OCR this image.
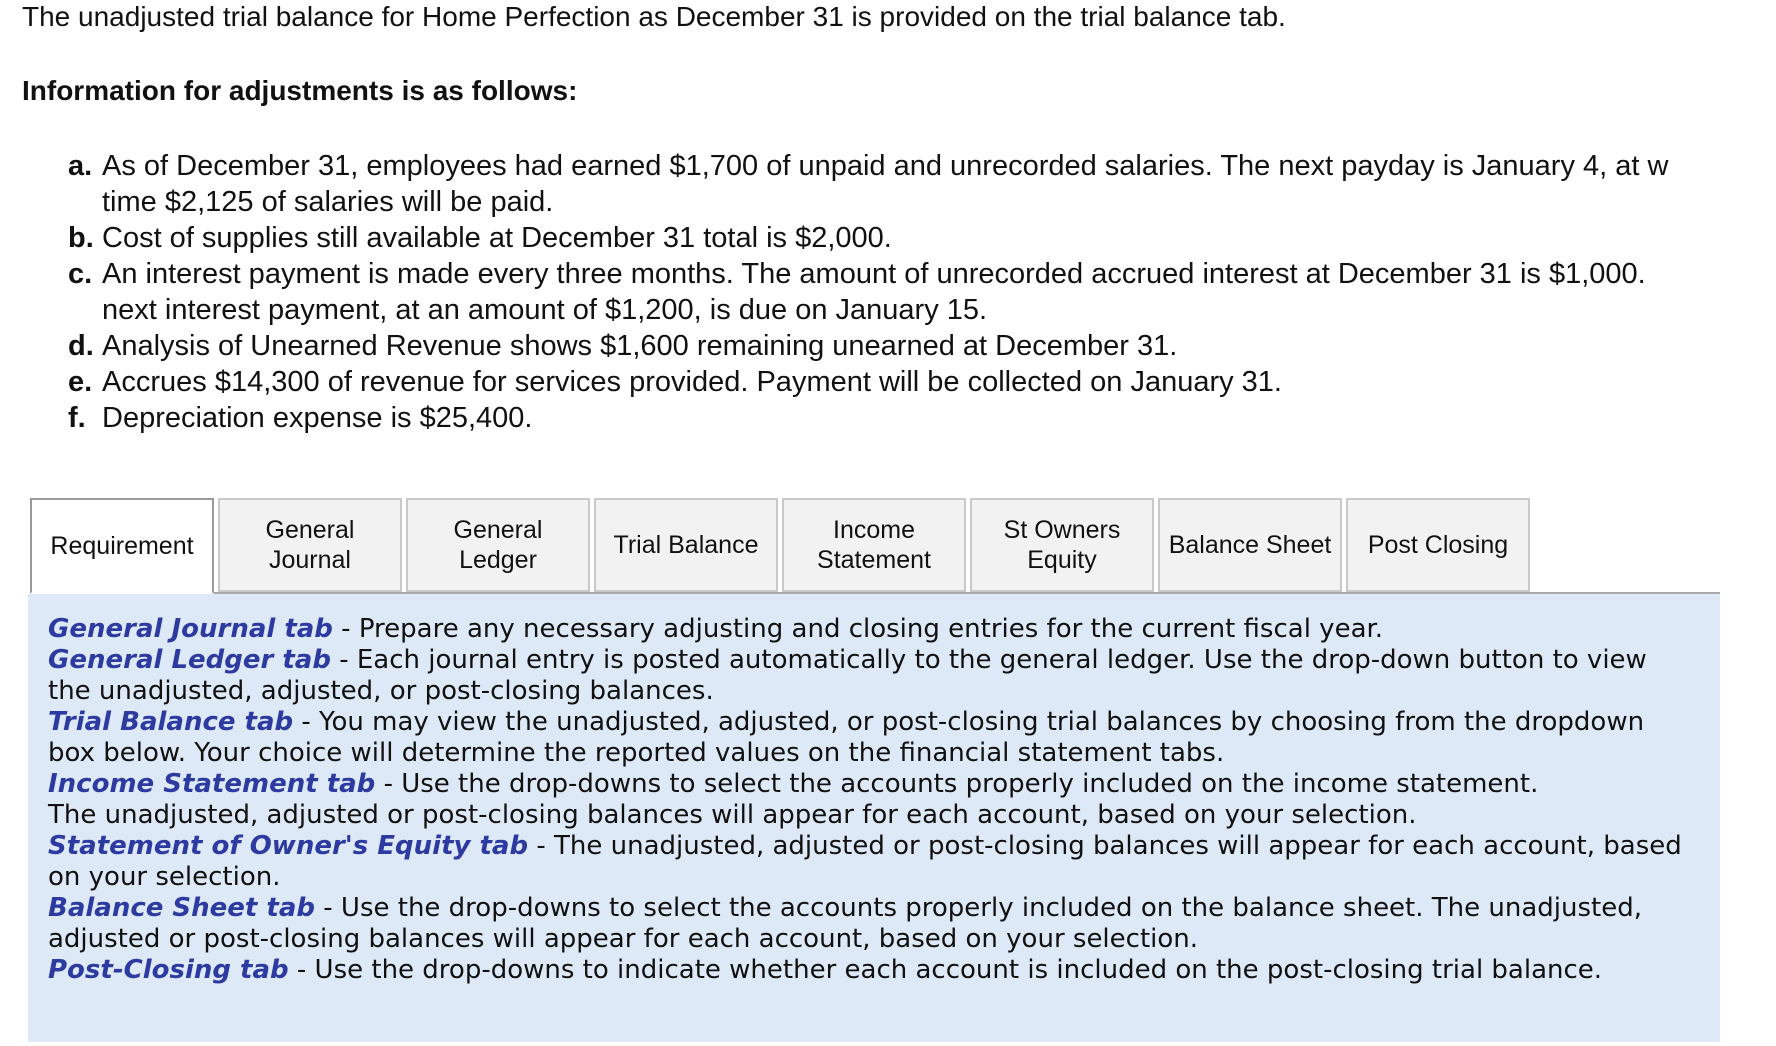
The unadjusted trial balance for Home Perfection as December 31 is provided on the trial balance tab.
Information for adjustments is as follows:
a. As of December 31, employees had earned $1,700 of unpaid and unrecorded salaries. The next payday is January 4, at w
time $2,125 of salaries will be paid.
b. Cost of supplies still available at December 31 total is $2,000.
c. An interest payment is made every three months. The amount of unrecorded accrued interest at December 31 is $1,000.
next interest payment, at an amount of $1,200, is due on January 15.
d. Analysis of Unearned Revenue shows $1,600 remaining unearned at December 31.
e. Accrues $14,300 of revenue for services provided. Payment will be collected on January 31.
f. Depreciation expense is $25,400.
Requirement
General
Journal
General
Ledger
Trial Balance
Income
Statement
St Owners
Equity
Balance Sheet Post Closing
General Journal tab - Prepare any necessary adjusting and closing entries for the current fiscal year.
General Ledger tab - Each journal entry is posted automatically to the general ledger. Use the drop-down button to view
the unadjusted, adjusted, or post-closing balances.
Trial Balance tab - You may view the unadjusted, adjusted, or post-closing trial balances by choosing from the dropdown
box below. Your choice will determine the reported values on the financial statement tabs.
Income Statement tab - Use the drop-downs to select the accounts properly included on the income statement.
The unadjusted, adjusted or post-closing balances will appear for each account, based on your selection.
Statement of Owner's Equity tab - The unadjusted, adjusted or post-closing balances will appear for each account, based
on your selection.
Balance Sheet tab - Use the drop-downs to select the accounts properly included on the balance sheet. The unadjusted,
adjusted or post-closing balances will appear for each account, based on your selection.
Post-Closing tab - Use the drop-downs to indicate whether each account is included on the post-closing trial balance.
